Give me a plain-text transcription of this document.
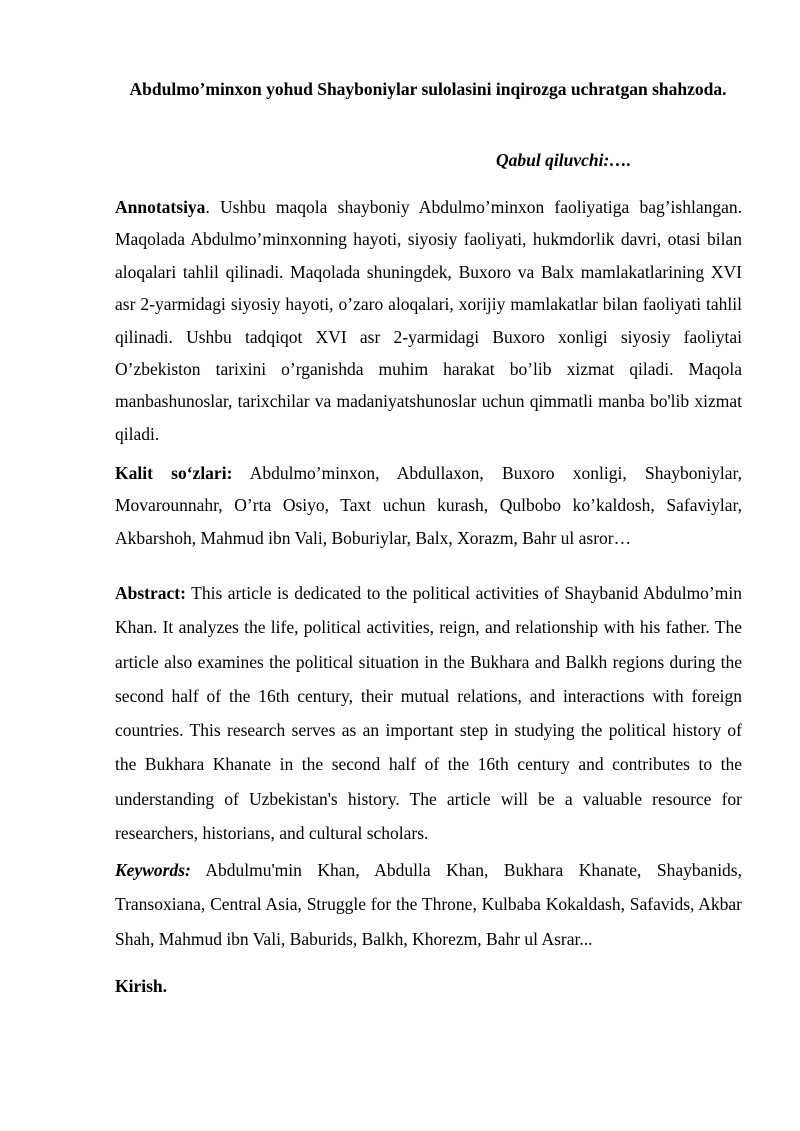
Abdulmo’minxon yohud Shayboniylar sulolasini inqirozga uchratgan shahzoda.
Qabul qiluvchi:….

Annotatsiya. Ushbu maqola shayboniy Abdulmo’minxon faoliyatiga bag’ishlangan. Maqolada Abdulmo’minxonning hayoti, siyosiy faoliyati, hukmdorlik davri, otasi bilan aloqalari tahlil qilinadi. Maqolada shuningdek, Buxoro va Balx mamlakatlarining XVI asr 2-yarmidagi siyosiy hayoti, o’zaro aloqalari, xorijiy mamlakatlar bilan faoliyati tahlil qilinadi. Ushbu tadqiqot XVI asr 2-yarmidagi Buxoro xonligi siyosiy faoliytai O’zbekiston tarixini o’rganishda muhim harakat bo’lib xizmat qiladi. Maqola manbashunoslar, tarixchilar va madaniyatshunoslar uchun qimmatli manba bo'lib xizmat qiladi.

Kalit so‘zlari: Abdulmo’minxon, Abdullaxon, Buxoro xonligi, Shayboniylar, Movarounnahr, O’rta Osiyo, Taxt uchun kurash, Qulbobo ko’kaldosh, Safaviylar, Akbarshoh, Mahmud ibn Vali, Boburiylar, Balx, Xorazm, Bahr ul asror…

Abstract: This article is dedicated to the political activities of Shaybanid Abdulmo’min Khan. It analyzes the life, political activities, reign, and relationship with his father. The article also examines the political situation in the Bukhara and Balkh regions during the second half of the 16th century, their mutual relations, and interactions with foreign countries. This research serves as an important step in studying the political history of the Bukhara Khanate in the second half of the 16th century and contributes to the understanding of Uzbekistan's history. The article will be a valuable resource for researchers, historians, and cultural scholars.

Keywords: Abdulmu'min Khan, Abdulla Khan, Bukhara Khanate, Shaybanids, Transoxiana, Central Asia, Struggle for the Throne, Kulbaba Kokaldash, Safavids, Akbar Shah, Mahmud ibn Vali, Baburids, Balkh, Khorezm, Bahr ul Asrar...

Kirish.
